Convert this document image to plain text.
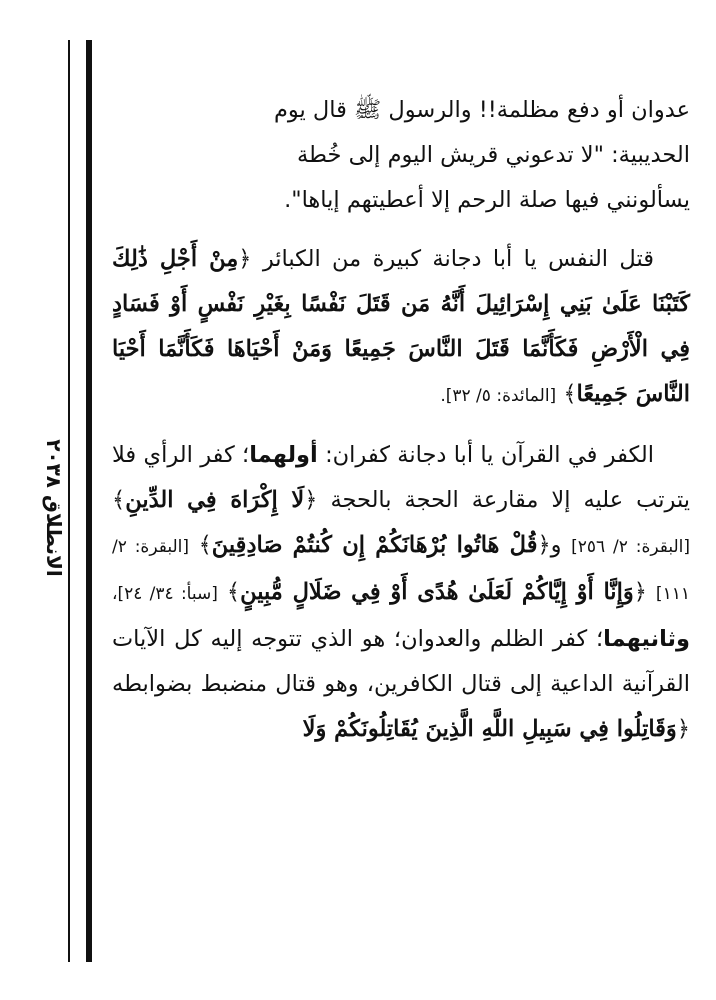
الانطلاق ٢٠٣٨

عدوان أو دفع مظلمة!! والرسول ﷺ قال يوم
الحديبية: "لا تدعوني قريش اليوم إلى خُطة
يسألونني فيها صلة الرحم إلا أعطيتهم إياها".

قتل النفس يا أبا دجانة كبيرة من الكبائر ﴿مِنْ أَجْلِ ذَٰلِكَ كَتَبْنَا عَلَىٰ بَنِي إِسْرَائِيلَ أَنَّهُ مَن قَتَلَ نَفْسًا بِغَيْرِ نَفْسٍ أَوْ فَسَادٍ فِي الْأَرْضِ فَكَأَنَّمَا قَتَلَ النَّاسَ جَمِيعًا وَمَنْ أَحْيَاهَا فَكَأَنَّمَا أَحْيَا النَّاسَ جَمِيعًا﴾ [المائدة: ٥/ ٣٢].

الكفر في القرآن يا أبا دجانة كفران: أولهما؛ كفر الرأي فلا يترتب عليه إلا مقارعة الحجة بالحجة ﴿لَا إِكْرَاهَ فِي الدِّينِ﴾ [البقرة: ٢/ ٢٥٦] و﴿قُلْ هَاتُوا بُرْهَانَكُمْ إِن كُنتُمْ صَادِقِينَ﴾ [البقرة: ٢/ ١١١] ﴿وَإِنَّا أَوْ إِيَّاكُمْ لَعَلَىٰ هُدًى أَوْ فِي ضَلَالٍ مُّبِينٍ﴾ [سبأ: ٣٤/ ٢٤]، وثانيهما؛ كفر الظلم والعدوان؛ هو الذي تتوجه إليه كل الآيات القرآنية الداعية إلى قتال الكافرين، وهو قتال منضبط بضوابطه ﴿وَقَاتِلُوا فِي سَبِيلِ اللَّهِ الَّذِينَ يُقَاتِلُونَكُمْ وَلَا
